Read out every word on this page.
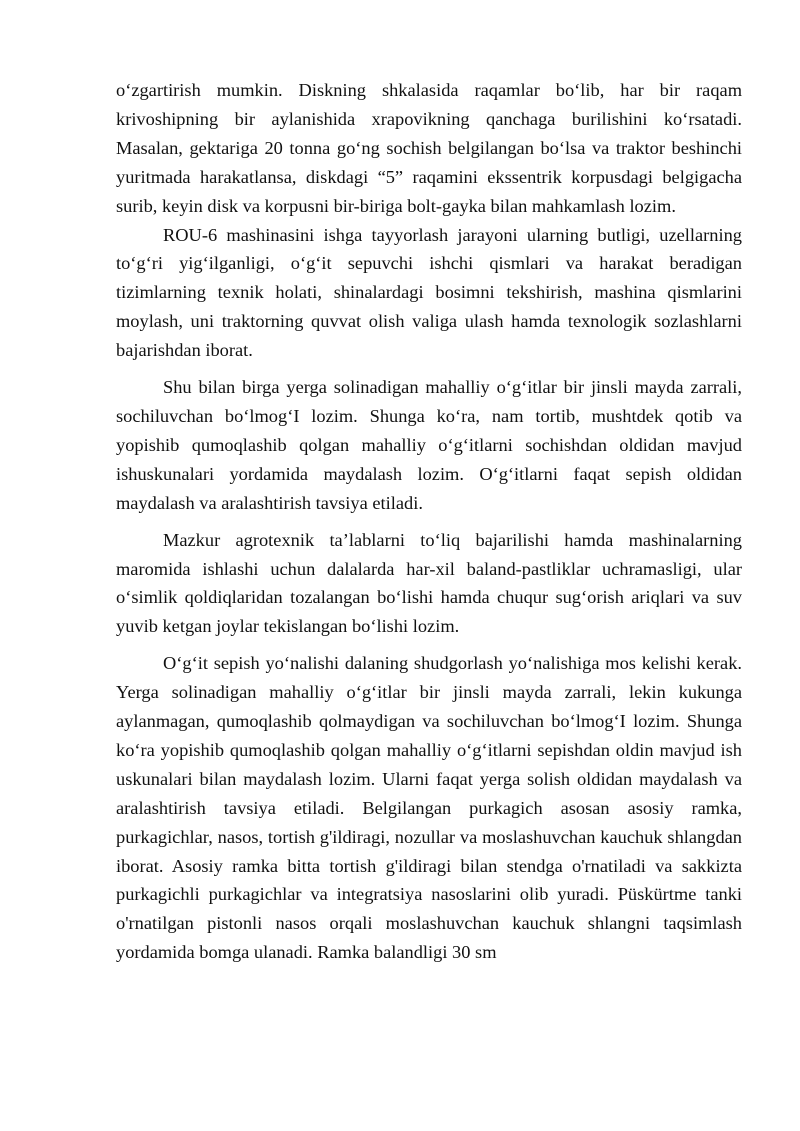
oʻzgartirish mumkin. Diskning shkalasida raqamlar boʻlib, har bir raqam krivoshipning bir aylanishida xrapovikning qanchaga burilishini koʻrsatadi. Masalan, gektariga 20 tonna goʻng sochish belgilangan boʻlsa va traktor beshinchi yuritmada harakatlansa, diskdagi “5” raqamini ekssentrik korpusdagi belgigacha surib, keyin disk va korpusni bir-biriga bolt-gayka bilan mahkamlash lozim.

ROU-6 mashinasini ishga tayyorlash jarayoni ularning butligi, uzellarning toʻgʻri yigʻilganligi, oʻgʻit sepuvchi ishchi qismlari va harakat beradigan tizimlarning texnik holati, shinalardagi bosimni tekshirish, mashina qismlarini moylash, uni traktorning quvvat olish valiga ulash hamda texnologik sozlashlarni bajarishdan iborat.

Shu bilan birga yerga solinadigan mahalliy oʻgʻitlar bir jinsli mayda zarrali, sochiluvchan boʻlmogʻI lozim. Shunga koʻra, nam tortib, mushtdek qotib va yopishib qumoqlashib qolgan mahalliy oʻgʻitlarni sochishdan oldidan mavjud ishuskunalari yordamida maydalash lozim. Oʻgʻitlarni faqat sepish oldidan maydalash va aralashtirish tavsiya etiladi.

Mazkur agrotexnik ta’lablarni toʻliq bajarilishi hamda mashinalarning maromida ishlashi uchun dalalarda har-xil baland-pastliklar uchramasligi, ular oʻsimlik qoldiqlaridan tozalangan boʻlishi hamda chuqur sugʻorish ariqlari va suv yuvib ketgan joylar tekislangan boʻlishi lozim.

Oʻgʻit sepish yoʻnalishi dalaning shudgorlash yoʻnalishiga mos kelishi kerak. Yerga solinadigan mahalliy oʻgʻitlar bir jinsli mayda zarrali, lekin kukunga aylanmagan, qumoqlashib qolmaydigan va sochiluvchan boʻlmogʻI lozim. Shunga koʻra yopishib qumoqlashib qolgan mahalliy oʻgʻitlarni sepishdan oldin mavjud ish uskunalari bilan maydalash lozim. Ularni faqat yerga solish oldidan maydalash va aralashtirish tavsiya etiladi. Belgilangan purkagich asosan asosiy ramka, purkagichlar, nasos, tortish g'ildiragi, nozullar va moslashuvchan kauchuk shlangdan iborat. Asosiy ramka bitta tortish g'ildiragi bilan stendga o'rnatiladi va sakkizta purkagichli purkagichlar va integratsiya nasoslarini olib yuradi. Püskürtme tanki o'rnatilgan pistonli nasos orqali moslashuvchan kauchuk shlangni taqsimlash yordamida bomga ulanadi. Ramka balandligi 30 sm
